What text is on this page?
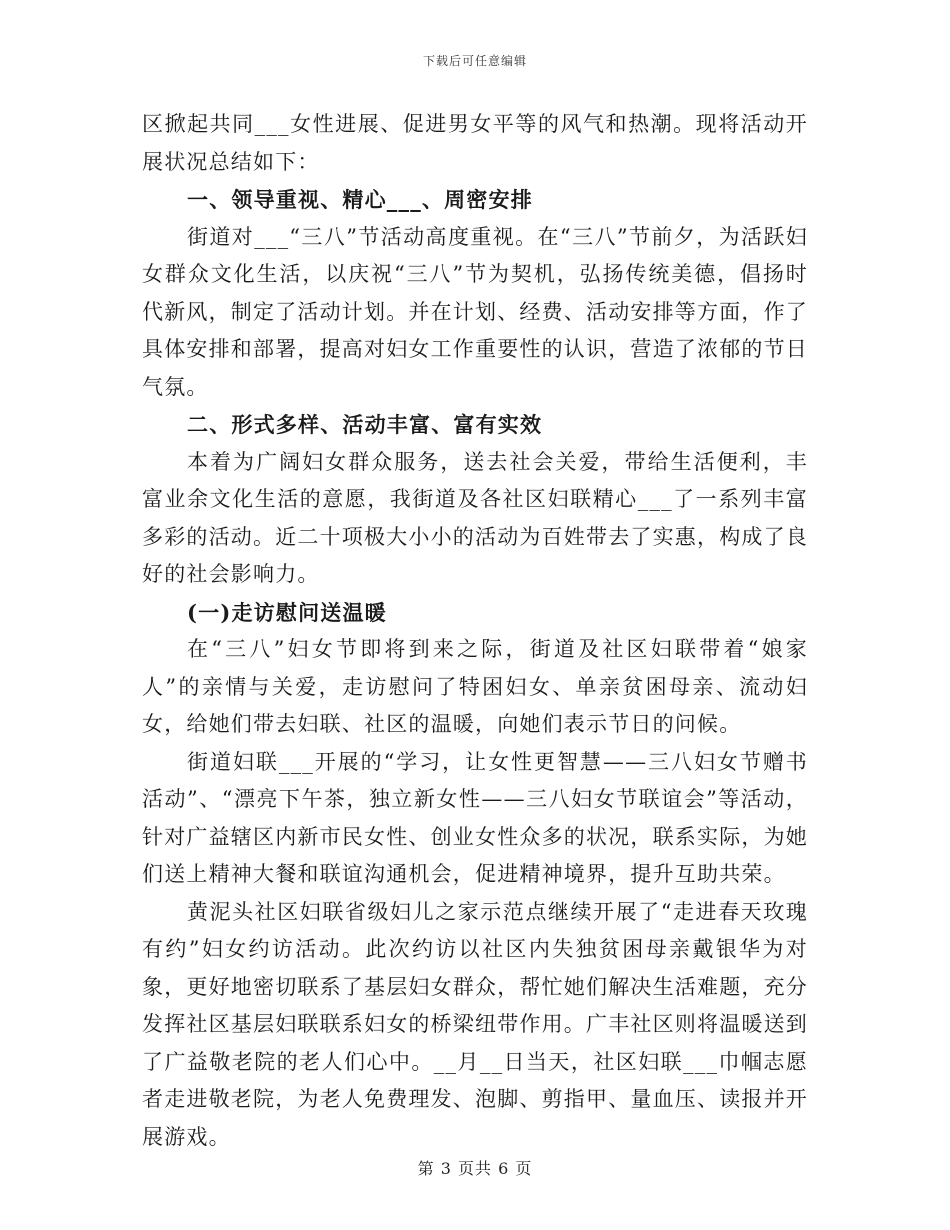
下载后可任意编辑

区掀起共同___女性进展、促进男女平等的风气和热潮。现将活动开展状况总结如下：

一、领导重视、精心___、周密安排

街道对___“三八”节活动高度重视。在“三八”节前夕，为活跃妇女群众文化生活，以庆祝“三八”节为契机，弘扬传统美德，倡扬时代新风，制定了活动计划。并在计划、经费、活动安排等方面，作了具体安排和部署，提高对妇女工作重要性的认识，营造了浓郁的节日气氛。

二、形式多样、活动丰富、富有实效

本着为广阔妇女群众服务，送去社会关爱，带给生活便利，丰富业余文化生活的意愿，我街道及各社区妇联精心___了一系列丰富多彩的活动。近二十项极大小小的活动为百姓带去了实惠，构成了良好的社会影响力。

(一)走访慰问送温暖

在“三八”妇女节即将到来之际，街道及社区妇联带着“娘家人”的亲情与关爱，走访慰问了特困妇女、单亲贫困母亲、流动妇女，给她们带去妇联、社区的温暖，向她们表示节日的问候。

街道妇联___开展的“学习，让女性更智慧——三八妇女节赠书活动”、“漂亮下午茶，独立新女性——三八妇女节联谊会”等活动，针对广益辖区内新市民女性、创业女性众多的状况，联系实际，为她们送上精神大餐和联谊沟通机会，促进精神境界，提升互助共荣。

黄泥头社区妇联省级妇儿之家示范点继续开展了“走进春天玫瑰有约”妇女约访活动。此次约访以社区内失独贫困母亲戴银华为对象，更好地密切联系了基层妇女群众，帮忙她们解决生活难题，充分发挥社区基层妇联联系妇女的桥梁纽带作用。广丰社区则将温暖送到了广益敬老院的老人们心中。__月__日当天，社区妇联___巾帼志愿者走进敬老院，为老人免费理发、泡脚、剪指甲、量血压、读报并开展游戏。

第 3 页共 6 页
